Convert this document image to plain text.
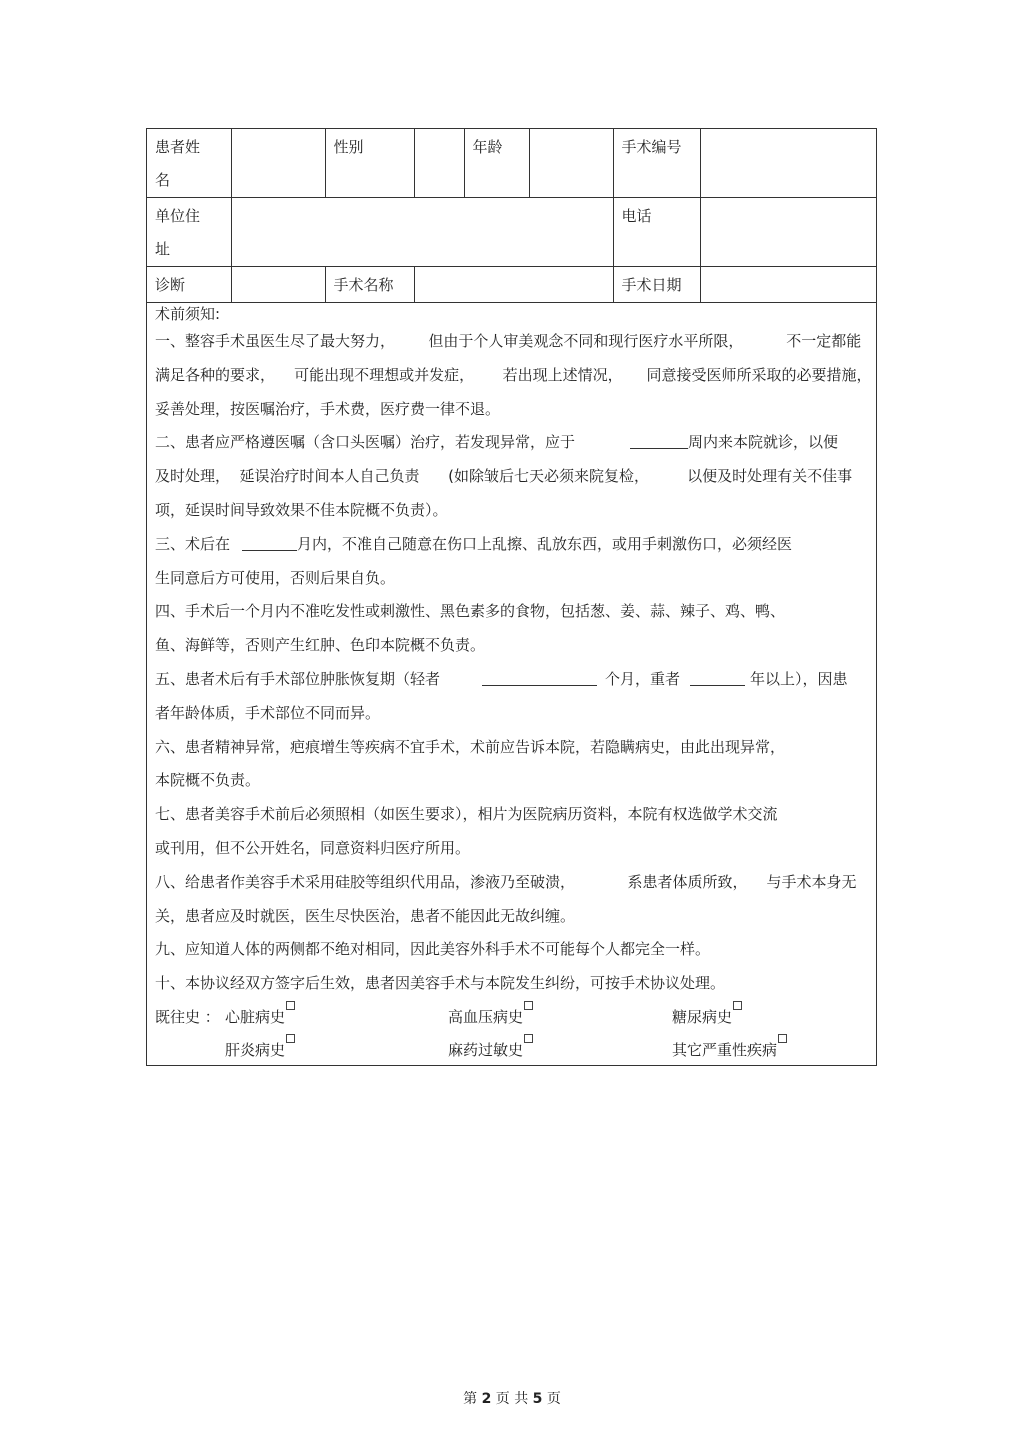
患者姓
名		性别		年龄		手术编号	
单位住
址						电话	
诊断		手术名称				手术日期	
术前须知:
一、整容手术虽医生尽了最大努力，       但由于个人审美观念不同和现行医疗水平所限，         不一定都能
满足各种的要求，    可能出现不理想或并发症，      若出现上述情况，     同意接受医师所采取的必要措施，
妥善处理，按医嘱治疗，手术费，医疗费一律不退。
二、患者应严格遵医嘱（含口头医嘱）治疗，若发现异常，应于	周内来本院就诊，以便
及时处理，  延误治疗时间本人自己负责      (如除皱后七天必须来院复检，        以便及时处理有关不佳事
项，延误时间导致效果不佳本院概不负责）。
三、术后在	月内，不准自己随意在伤口上乱擦、乱放东西，或用手刺激伤口，必须经医
生同意后方可使用，否则后果自负。
四、手术后一个月内不准吃发性或刺激性、黑色素多的食物，包括葱、姜、蒜、辣子、鸡、鸭、
鱼、海鲜等，否则产生红肿、色印本院概不负责。
五、患者术后有手术部位肿胀恢复期（轻者	个月，重者	年以上），因患
者年龄体质，手术部位不同而异。
六、患者精神异常，疤痕增生等疾病不宜手术，术前应告诉本院，若隐瞒病史，由此出现异常，
本院概不负责。
七、患者美容手术前后必须照相（如医生要求），相片为医院病历资料，本院有权选做学术交流
或刊用，但不公开姓名，同意资料归医疗所用。
八、给患者作美容手术采用硅胶等组织代用品，渗液乃至破溃，           系患者体质所致，    与手术本身无
关，患者应及时就医，医生尽快医治，患者不能因此无故纠缠。
九、应知道人体的两侧都不绝对相同，因此美容外科手术不可能每个人都完全一样。
十、本协议经双方签字后生效，患者因美容手术与本院发生纠纷，可按手术协议处理。
既往史 ： 心脏病史	高血压病史	糖尿病史
肝炎病史	麻药过敏史	其它严重性疾病
第 2 页 共 5 页
